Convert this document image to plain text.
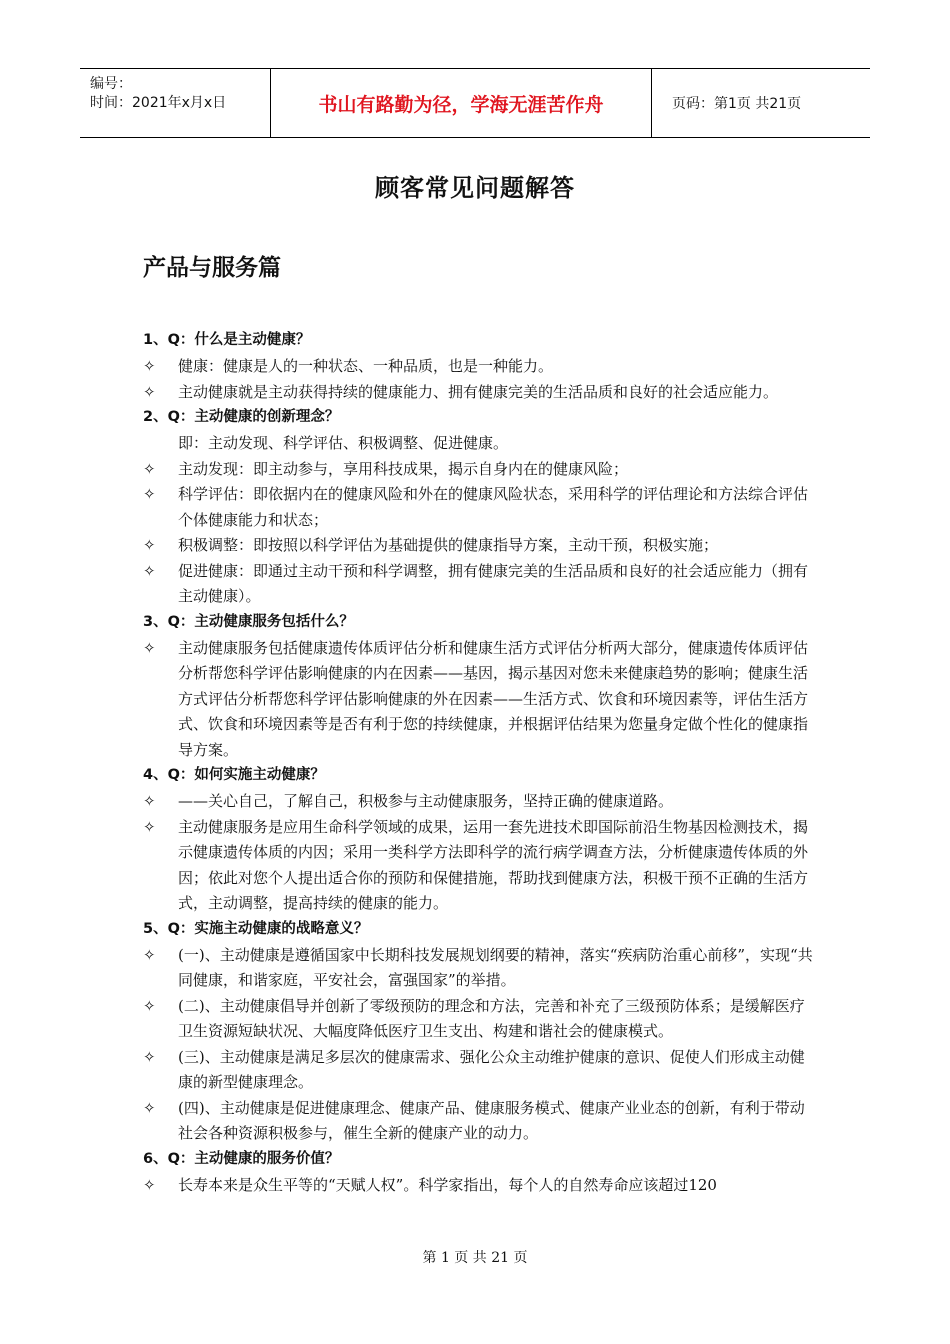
编号：
时间：2021年x月x日	书山有路勤为径，学海无涯苦作舟	页码：第1页 共21页
顾客常见问题解答
产品与服务篇
1、Q：什么是主动健康？
✧ 健康：健康是人的一种状态、一种品质，也是一种能力。
✧ 主动健康就是主动获得持续的健康能力、拥有健康完美的生活品质和良好的社会适应能力。
2、Q：主动健康的创新理念？
即：主动发现、科学评估、积极调整、促进健康。
✧ 主动发现：即主动参与，享用科技成果，揭示自身内在的健康风险；
✧ 科学评估：即依据内在的健康风险和外在的健康风险状态，采用科学的评估理论和方法综合评估个体健康能力和状态；
✧ 积极调整：即按照以科学评估为基础提供的健康指导方案，主动干预，积极实施；
✧ 促进健康：即通过主动干预和科学调整，拥有健康完美的生活品质和良好的社会适应能力（拥有主动健康）。
3、Q：主动健康服务包括什么？
✧ 主动健康服务包括健康遗传体质评估分析和健康生活方式评估分析两大部分，健康遗传体质评估分析帮您科学评估影响健康的内在因素——基因，揭示基因对您未来健康趋势的影响；健康生活方式评估分析帮您科学评估影响健康的外在因素——生活方式、饮食和环境因素等，评估生活方式、饮食和环境因素等是否有利于您的持续健康，并根据评估结果为您量身定做个性化的健康指导方案。
4、Q：如何实施主动健康？
✧ ——关心自己，了解自己，积极参与主动健康服务，坚持正确的健康道路。
✧ 主动健康服务是应用生命科学领域的成果，运用一套先进技术即国际前沿生物基因检测技术，揭示健康遗传体质的内因；采用一类科学方法即科学的流行病学调查方法，分析健康遗传体质的外因；依此对您个人提出适合你的预防和保健措施，帮助找到健康方法，积极干预不正确的生活方式，主动调整，提高持续的健康的能力。
5、Q：实施主动健康的战略意义？
✧ (一)、主动健康是遵循国家中长期科技发展规划纲要的精神，落实“疾病防治重心前移”，实现“共同健康，和谐家庭，平安社会，富强国家”的举措。
✧ (二)、主动健康倡导并创新了零级预防的理念和方法，完善和补充了三级预防体系；是缓解医疗卫生资源短缺状况、大幅度降低医疗卫生支出、构建和谐社会的健康模式。
✧ (三)、主动健康是满足多层次的健康需求、强化公众主动维护健康的意识、促使人们形成主动健康的新型健康理念。
✧ (四)、主动健康是促进健康理念、健康产品、健康服务模式、健康产业业态的创新，有利于带动社会各种资源积极参与，催生全新的健康产业的动力。
6、Q：主动健康的服务价值？
✧ 长寿本来是众生平等的“天赋人权”。科学家指出，每个人的自然寿命应该超过120
第 1 页 共 21 页
